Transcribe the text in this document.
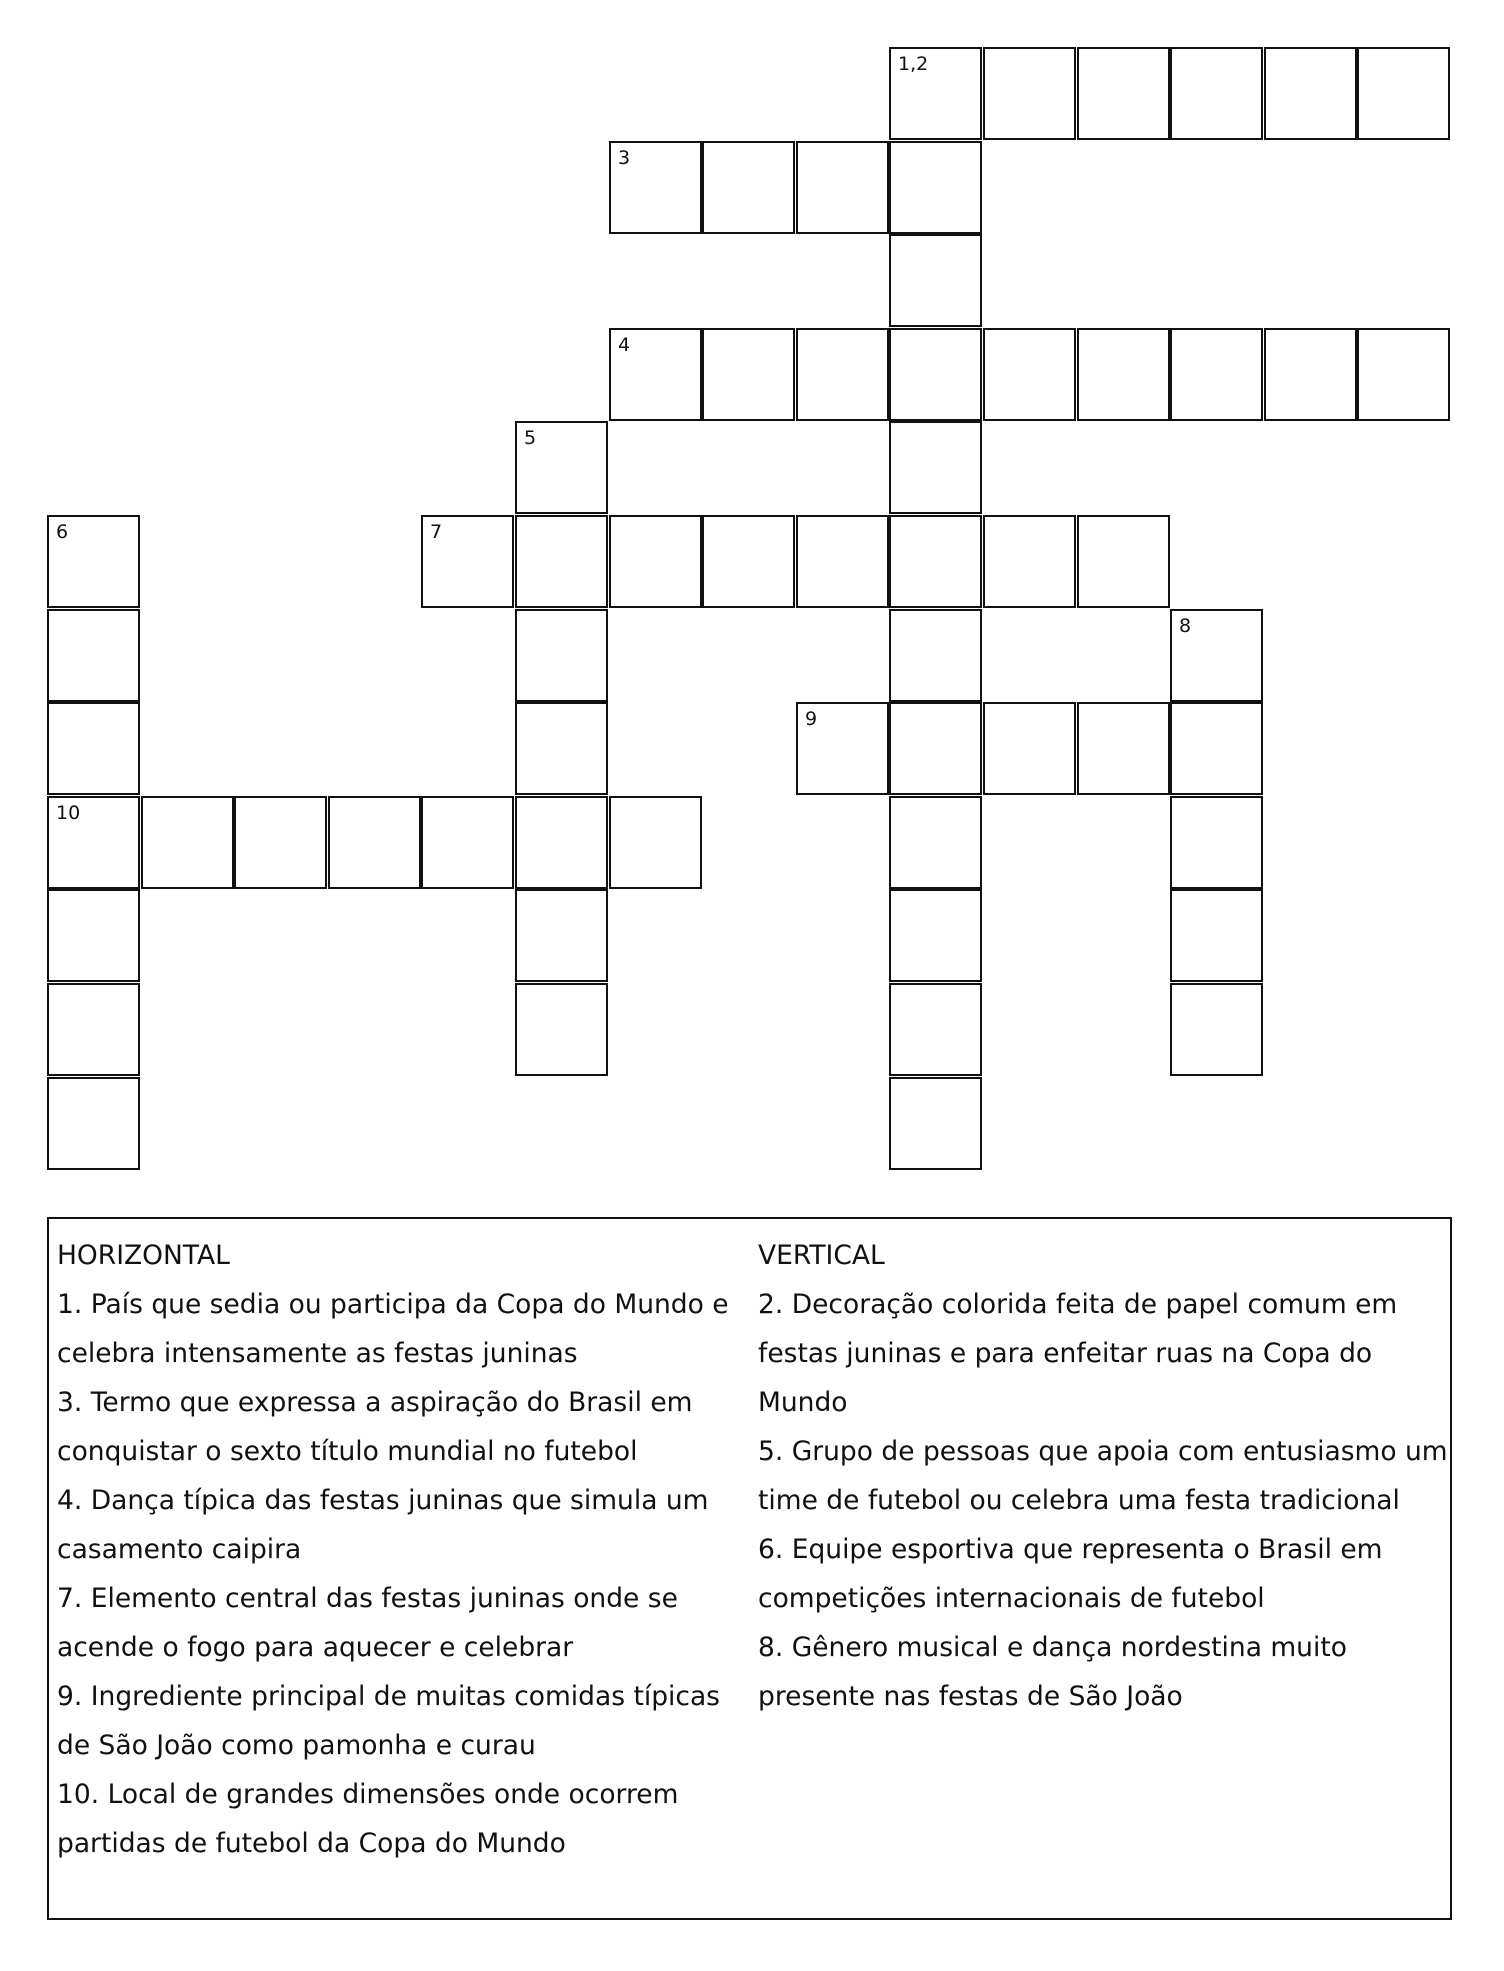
1,2
3
4
5
6	7
8
9
10
HORIZONTAL

1. País que sedia ou participa da Copa do Mundo e celebra intensamente as festas juninas

3. Termo que expressa a aspiração do Brasil em conquistar o sexto título mundial no futebol

4. Dança típica das festas juninas que simula um casamento caipira

7. Elemento central das festas juninas onde se acende o fogo para aquecer e celebrar

9. Ingrediente principal de muitas comidas típicas de São João como pamonha e curau

10. Local de grandes dimensões onde ocorrem partidas de futebol da Copa do Mundo

VERTICAL

2. Decoração colorida feita de papel comum em festas juninas e para enfeitar ruas na Copa do Mundo

5. Grupo de pessoas que apoia com entusiasmo um time de futebol ou celebra uma festa tradicional

6. Equipe esportiva que representa o Brasil em competições internacionais de futebol

8. Gênero musical e dança nordestina muito presente nas festas de São João
